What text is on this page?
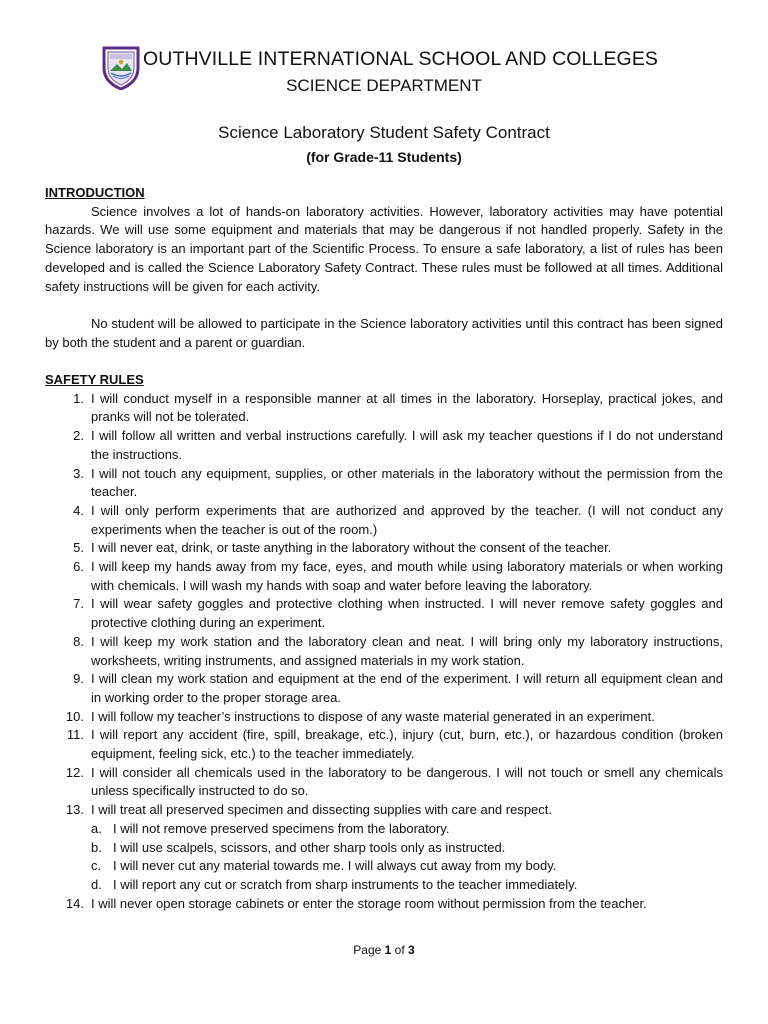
OUTHVILLE INTERNATIONAL SCHOOL AND COLLEGES
SCIENCE DEPARTMENT
Science Laboratory Student Safety Contract
(for Grade-11 Students)
INTRODUCTION

Science involves a lot of hands-on laboratory activities. However, laboratory activities may have potential hazards. We will use some equipment and materials that may be dangerous if not handled properly. Safety in the Science laboratory is an important part of the Scientific Process. To ensure a safe laboratory, a list of rules has been developed and is called the Science Laboratory Safety Contract. These rules must be followed at all times. Additional safety instructions will be given for each activity.

No student will be allowed to participate in the Science laboratory activities until this contract has been signed by both the student and a parent or guardian.

SAFETY RULES
1. I will conduct myself in a responsible manner at all times in the laboratory. Horseplay, practical jokes, and pranks will not be tolerated.
2. I will follow all written and verbal instructions carefully. I will ask my teacher questions if I do not understand the instructions.
3. I will not touch any equipment, supplies, or other materials in the laboratory without the permission from the teacher.
4. I will only perform experiments that are authorized and approved by the teacher. (I will not conduct any experiments when the teacher is out of the room.)
5. I will never eat, drink, or taste anything in the laboratory without the consent of the teacher.
6. I will keep my hands away from my face, eyes, and mouth while using laboratory materials or when working with chemicals. I will wash my hands with soap and water before leaving the laboratory.
7. I will wear safety goggles and protective clothing when instructed. I will never remove safety goggles and protective clothing during an experiment.
8. I will keep my work station and the laboratory clean and neat. I will bring only my laboratory instructions, worksheets, writing instruments, and assigned materials in my work station.
9. I will clean my work station and equipment at the end of the experiment. I will return all equipment clean and in working order to the proper storage area.
10. I will follow my teacher’s instructions to dispose of any waste material generated in an experiment.
11. I will report any accident (fire, spill, breakage, etc.), injury (cut, burn, etc.), or hazardous condition (broken equipment, feeling sick, etc.) to the teacher immediately.
12. I will consider all chemicals used in the laboratory to be dangerous. I will not touch or smell any chemicals unless specifically instructed to do so.
13. I will treat all preserved specimen and dissecting supplies with care and respect.
a. I will not remove preserved specimens from the laboratory.
b. I will use scalpels, scissors, and other sharp tools only as instructed.
c. I will never cut any material towards me. I will always cut away from my body.
d. I will report any cut or scratch from sharp instruments to the teacher immediately.
14. I will never open storage cabinets or enter the storage room without permission from the teacher.
Page 1 of 3
